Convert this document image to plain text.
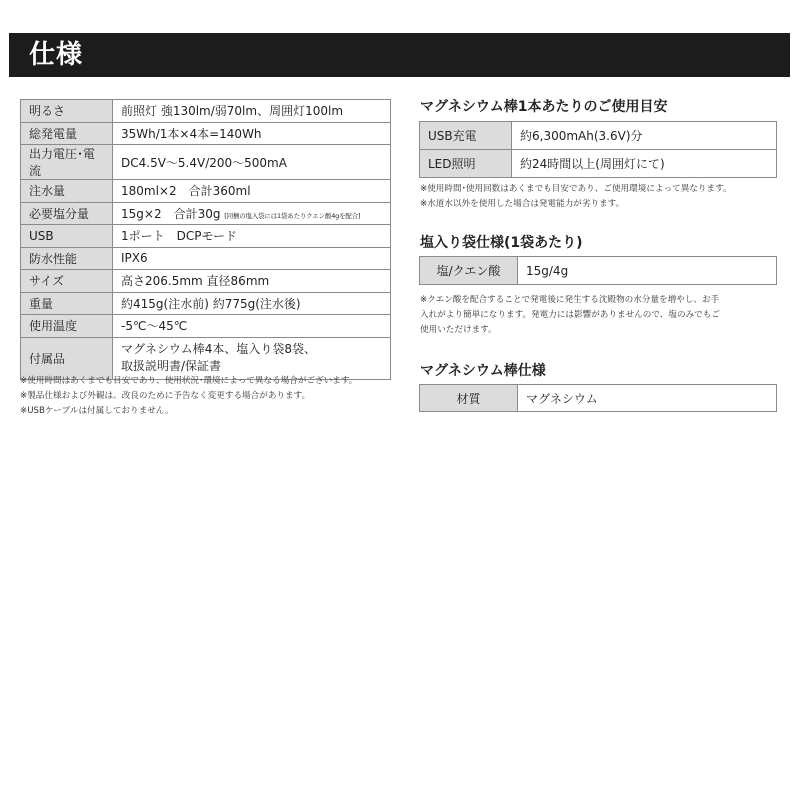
仕様
明るさ	前照灯 強130lm/弱70lm、周囲灯100lm
総発電量	35Wh/1本×4本=140Wh
出力電圧･電流	DC4.5V〜5.4V/200〜500mA
注水量	180ml×2　合計360ml
必要塩分量	15g×2　合計30g [同梱の塩入袋には1袋あたりクエン酸4gを配合]
USB	1ポート　DCPモード
防水性能	IPX6
サイズ	高さ206.5mm 直径86mm
重量	約415g(注水前) 約775g(注水後)
使用温度	-5℃〜45℃
付属品	マグネシウム棒4本、塩入り袋8袋、
取扱説明書/保証書
※使用時間はあくまでも目安であり、使用状況･環境によって異なる場合がございます。
※製品仕様および外観は、改良のために予告なく変更する場合があります。
※USBケーブルは付属しておりません。
マグネシウム棒1本あたりのご使用目安
USB充電	約6,300mAh(3.6V)分
LED照明	約24時間以上(周囲灯にて)
※使用時間･使用回数はあくまでも目安であり、ご使用環境によって異なります。
※水道水以外を使用した場合は発電能力が劣ります。
塩入り袋仕様(1袋あたり)
塩/クエン酸	15g/4g
※クエン酸を配合することで発電後に発生する沈殿物の水分量を増やし、お手
入れがより簡単になります。発電力には影響がありませんので、塩のみでもご
使用いただけます。
マグネシウム棒仕様
材質	マグネシウム
